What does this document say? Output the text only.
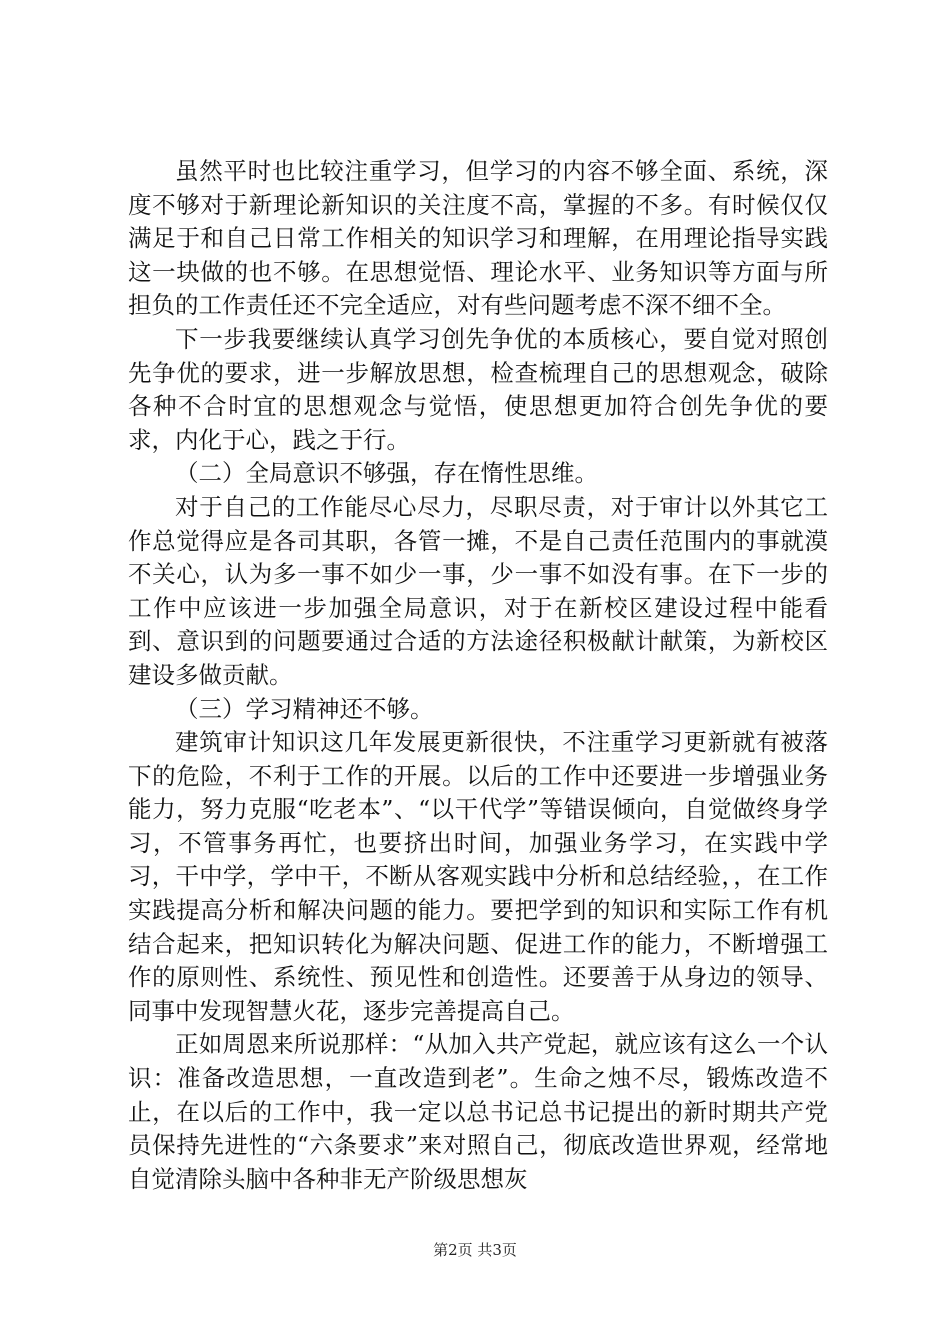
虽然平时也比较注重学习，但学习的内容不够全面、系统，深度不够对于新理论新知识的关注度不高，掌握的不多。有时候仅仅满足于和自己日常工作相关的知识学习和理解，在用理论指导实践这一块做的也不够。在思想觉悟、理论水平、业务知识等方面与所担负的工作责任还不完全适应，对有些问题考虑不深不细不全。

下一步我要继续认真学习创先争优的本质核心，要自觉对照创先争优的要求，进一步解放思想，检查梳理自己的思想观念，破除各种不合时宜的思想观念与觉悟，使思想更加符合创先争优的要求，内化于心，践之于行。

（二）全局意识不够强，存在惰性思维。

对于自己的工作能尽心尽力，尽职尽责，对于审计以外其它工作总觉得应是各司其职，各管一摊，不是自己责任范围内的事就漠不关心，认为多一事不如少一事，少一事不如没有事。在下一步的工作中应该进一步加强全局意识，对于在新校区建设过程中能看到、意识到的问题要通过合适的方法途径积极献计献策，为新校区建设多做贡献。

（三）学习精神还不够。

建筑审计知识这几年发展更新很快，不注重学习更新就有被落下的危险，不利于工作的开展。以后的工作中还要进一步增强业务能力，努力克服“吃老本”、“以干代学”等错误倾向，自觉做终身学习，不管事务再忙，也要挤出时间，加强业务学习，在实践中学习，干中学，学中干，不断从客观实践中分析和总结经验，，在工作实践提高分析和解决问题的能力。要把学到的知识和实际工作有机结合起来，把知识转化为解决问题、促进工作的能力，不断增强工作的原则性、系统性、预见性和创造性。还要善于从身边的领导、同事中发现智慧火花，逐步完善提高自己。

正如周恩来所说那样：“从加入共产党起，就应该有这么一个认识：准备改造思想，一直改造到老”。生命之烛不尽，锻炼改造不止，在以后的工作中，我一定以总书记总书记提出的新时期共产党员保持先进性的“六条要求”来对照自己，彻底改造世界观，经常地自觉清除头脑中各种非无产阶级思想灰

第2页 共3页
